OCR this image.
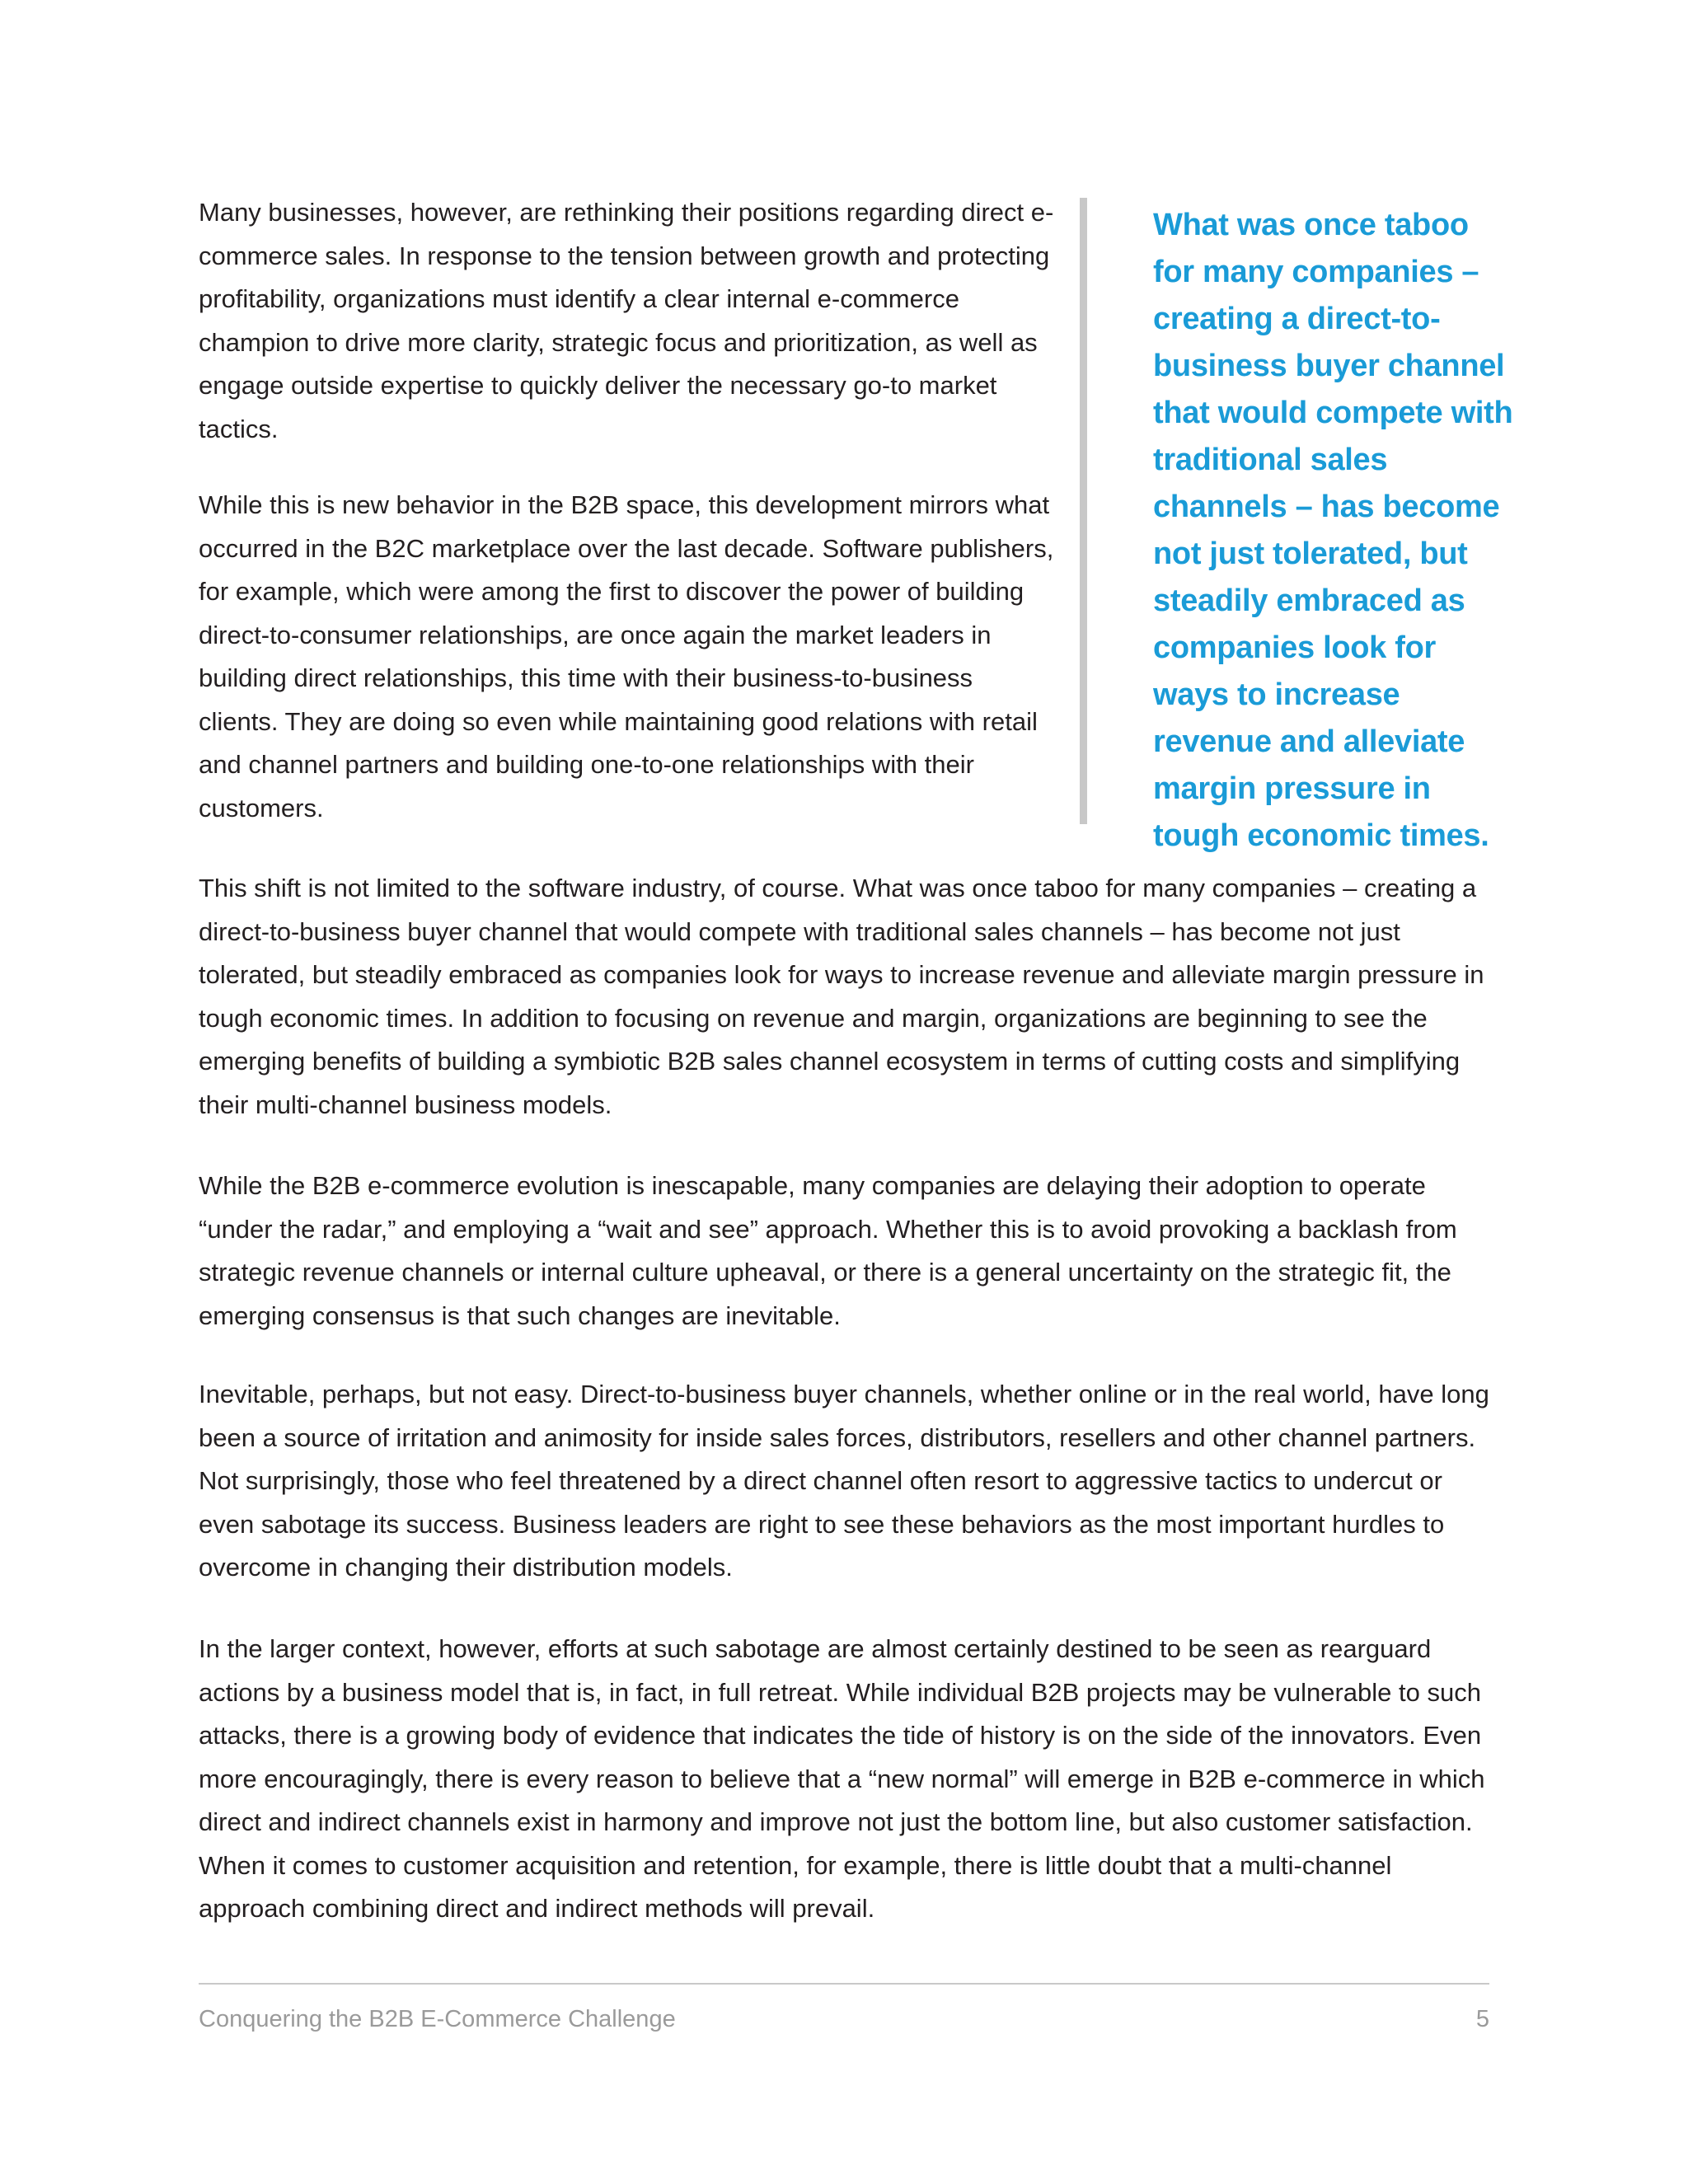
Many businesses, however, are rethinking their positions regarding direct e-commerce sales. In response to the tension between growth and protecting profitability, organizations must identify a clear internal e-commerce champion to drive more clarity, strategic focus and prioritization, as well as engage outside expertise to quickly deliver the necessary go-to market tactics.

While this is new behavior in the B2B space, this development mirrors what occurred in the B2C marketplace over the last decade. Software publishers, for example, which were among the first to discover the power of building direct-to-consumer relationships, are once again the market leaders in building direct relationships, this time with their business-to-business clients. They are doing so even while maintaining good relations with retail and channel partners and building one-to-one relationships with their customers.

What was once taboo for many companies – creating a direct-to-business buyer channel that would compete with traditional sales channels – has become not just tolerated, but steadily embraced as companies look for ways to increase revenue and alleviate margin pressure in tough economic times.

This shift is not limited to the software industry, of course. What was once taboo for many companies – creating a direct-to-business buyer channel that would compete with traditional sales channels – has become not just tolerated, but steadily embraced as companies look for ways to increase revenue and alleviate margin pressure in tough economic times. In addition to focusing on revenue and margin, organizations are beginning to see the emerging benefits of building a symbiotic B2B sales channel ecosystem in terms of cutting costs and simplifying their multi-channel business models.

While the B2B e-commerce evolution is inescapable, many companies are delaying their adoption to operate “under the radar,” and employing a “wait and see” approach. Whether this is to avoid provoking a backlash from strategic revenue channels or internal culture upheaval, or there is a general uncertainty on the strategic fit, the emerging consensus is that such changes are inevitable.

Inevitable, perhaps, but not easy. Direct-to-business buyer channels, whether online or in the real world, have long been a source of irritation and animosity for inside sales forces, distributors, resellers and other channel partners. Not surprisingly, those who feel threatened by a direct channel often resort to aggressive tactics to undercut or even sabotage its success. Business leaders are right to see these behaviors as the most important hurdles to overcome in changing their distribution models.

In the larger context, however, efforts at such sabotage are almost certainly destined to be seen as rearguard actions by a business model that is, in fact, in full retreat. While individual B2B projects may be vulnerable to such attacks, there is a growing body of evidence that indicates the tide of history is on the side of the innovators. Even more encouragingly, there is every reason to believe that a “new normal” will emerge in B2B e-commerce in which direct and indirect channels exist in harmony and improve not just the bottom line, but also customer satisfaction. When it comes to customer acquisition and retention, for example, there is little doubt that a multi-channel approach combining direct and indirect methods will prevail.

Conquering the B2B E-Commerce Challenge	5
